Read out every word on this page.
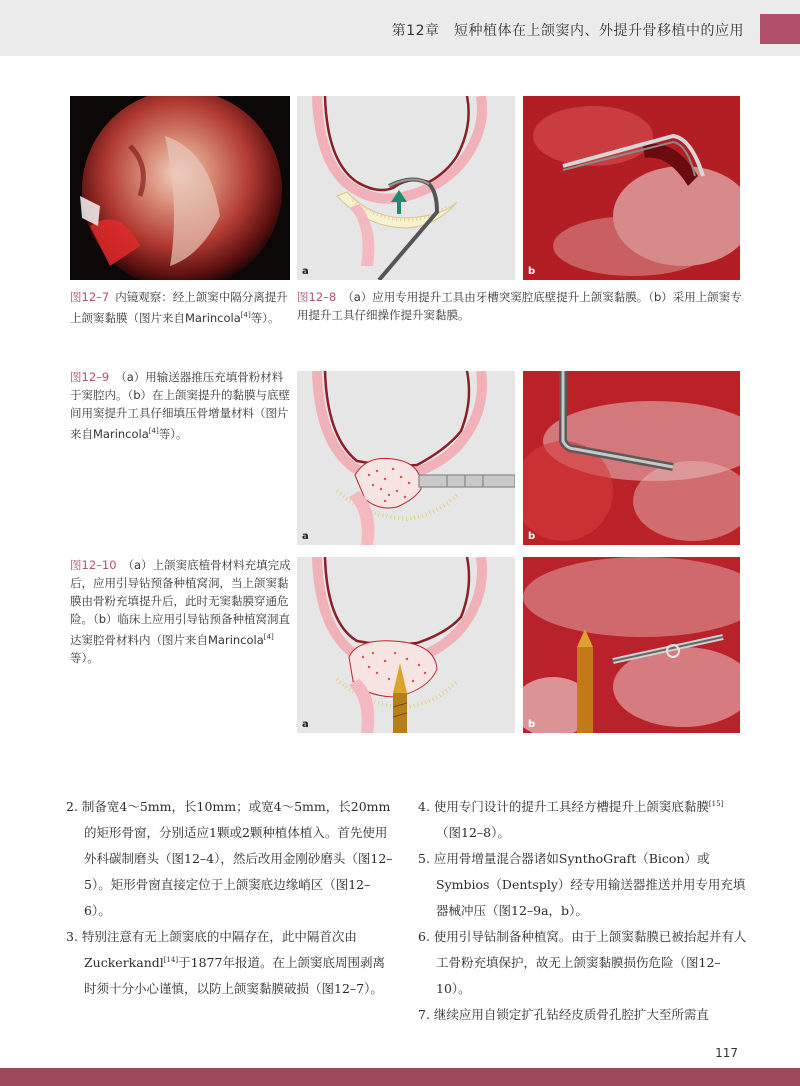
第12章　短种植体在上颌窦内、外提升骨移植中的应用
a	b
图12–7 内镜观察：经上颌窦中隔分离提升上颌窦黏膜（图片来自Marincola[4]等）。
图12–8 （a）应用专用提升工具由牙槽突窦腔底壁提升上颌窦黏膜。（b）采用上颌窦专用提升工具仔细操作提升窦黏膜。
图12–9 （a）用输送器推压充填骨粉材料于窦腔内。（b）在上颌窦提升的黏膜与底壁间用窦提升工具仔细填压骨增量材料（图片来自Marincola[4]等）。
a	b
图12–10 （a）上颌窦底植骨材料充填完成后，应用引导钻预备种植窝洞，当上颌窦黏膜由骨粉充填提升后，此时无窦黏膜穿通危险。（b）临床上应用引导钻预备种植窝洞直达窦腔骨材料内（图片来自Marincola[4]等）。
a	b
2. 制备宽4～5mm，长10mm；或宽4～5mm，长20mm的矩形骨窗，分别适应1颗或2颗种植体植入。首先使用外科碳制磨头（图12–4），然后改用金刚砂磨头（图12–5）。矩形骨窗直接定位于上颌窦底边缘峭区（图12–6）。
3. 特别注意有无上颌窦底的中隔存在，此中隔首次由Zuckerkandl[14]于1877年报道。在上颌窦底周围剥离时须十分小心谨慎，以防上颌窦黏膜破损（图12–7）。
4. 使用专门设计的提升工具经方槽提升上颌窦底黏膜[15]（图12–8）。
5. 应用骨增量混合器诸如SynthoGraft（Bicon）或Symbios（Dentsply）经专用输送器推送并用专用充填器械冲压（图12–9a，b）。
6. 使用引导钻制备种植窝。由于上颌窦黏膜已被抬起并有人工骨粉充填保护，故无上颌窦黏膜损伤危险（图12–10）。
7. 继续应用自锁定扩孔钻经皮质骨孔腔扩大至所需直
117
